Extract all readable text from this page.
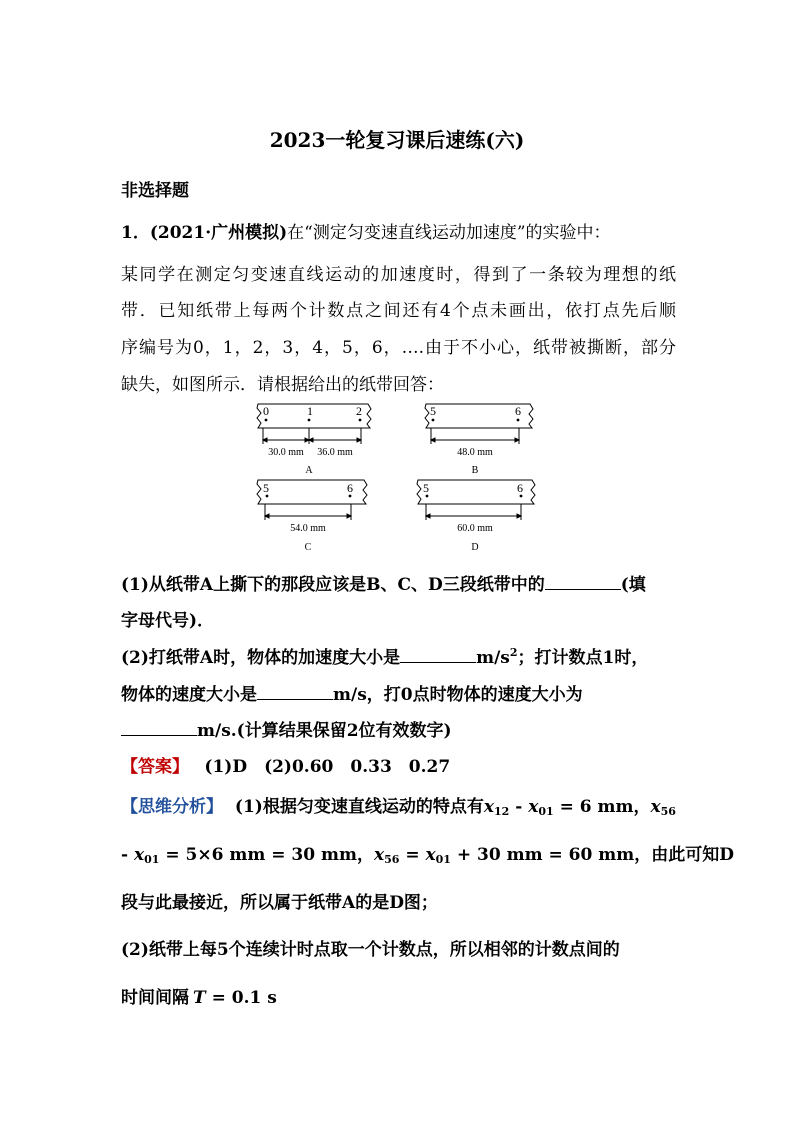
2023一轮复习课后速练(六)
非选择题
1．(2021·广州模拟)在“测定匀变速直线运动加速度”的实验中：
某同学在测定匀变速直线运动的加速度时，得到了一条较为理想的纸
带．已知纸带上每两个计数点之间还有4个点未画出，依打点先后顺
序编号为0，1，2，3，4，5，6，….由于不小心，纸带被撕断，部分
缺失，如图所示．请根据给出的纸带回答：
0	1	2	5	6
5	6	5	6
30.0 mm 36.0 mm
A
48.0 mm
B
54.0 mm
C
60.0 mm
D
(1)从纸带A上撕下的那段应该是B、C、D三段纸带中的	(填
字母代号)．
(2)打纸带A时，物体的加速度大小是	$m/s^2$；打计数点1时，
物体的速度大小是	m/s，打0点时物体的速度大小为
m/s.(计算结果保留2位有效数字)
【答案】 (1)D　(2)0.60　0.33　0.27
【思维分析】 (1)根据匀变速直线运动的特点有$x_{12} - x_{01} = 6$ mm，$x_{56}$
- $x_{01} = 5\times 6$ mm = 30 mm，$x_{56} = x_{01} + 30$ mm = 60 mm，由此可知D
段与此最接近，所以属于纸带A的是D图；
(2)纸带上每5个连续计时点取一个计数点，所以相邻的计数点间的
时间间隔 T = 0.1 s
